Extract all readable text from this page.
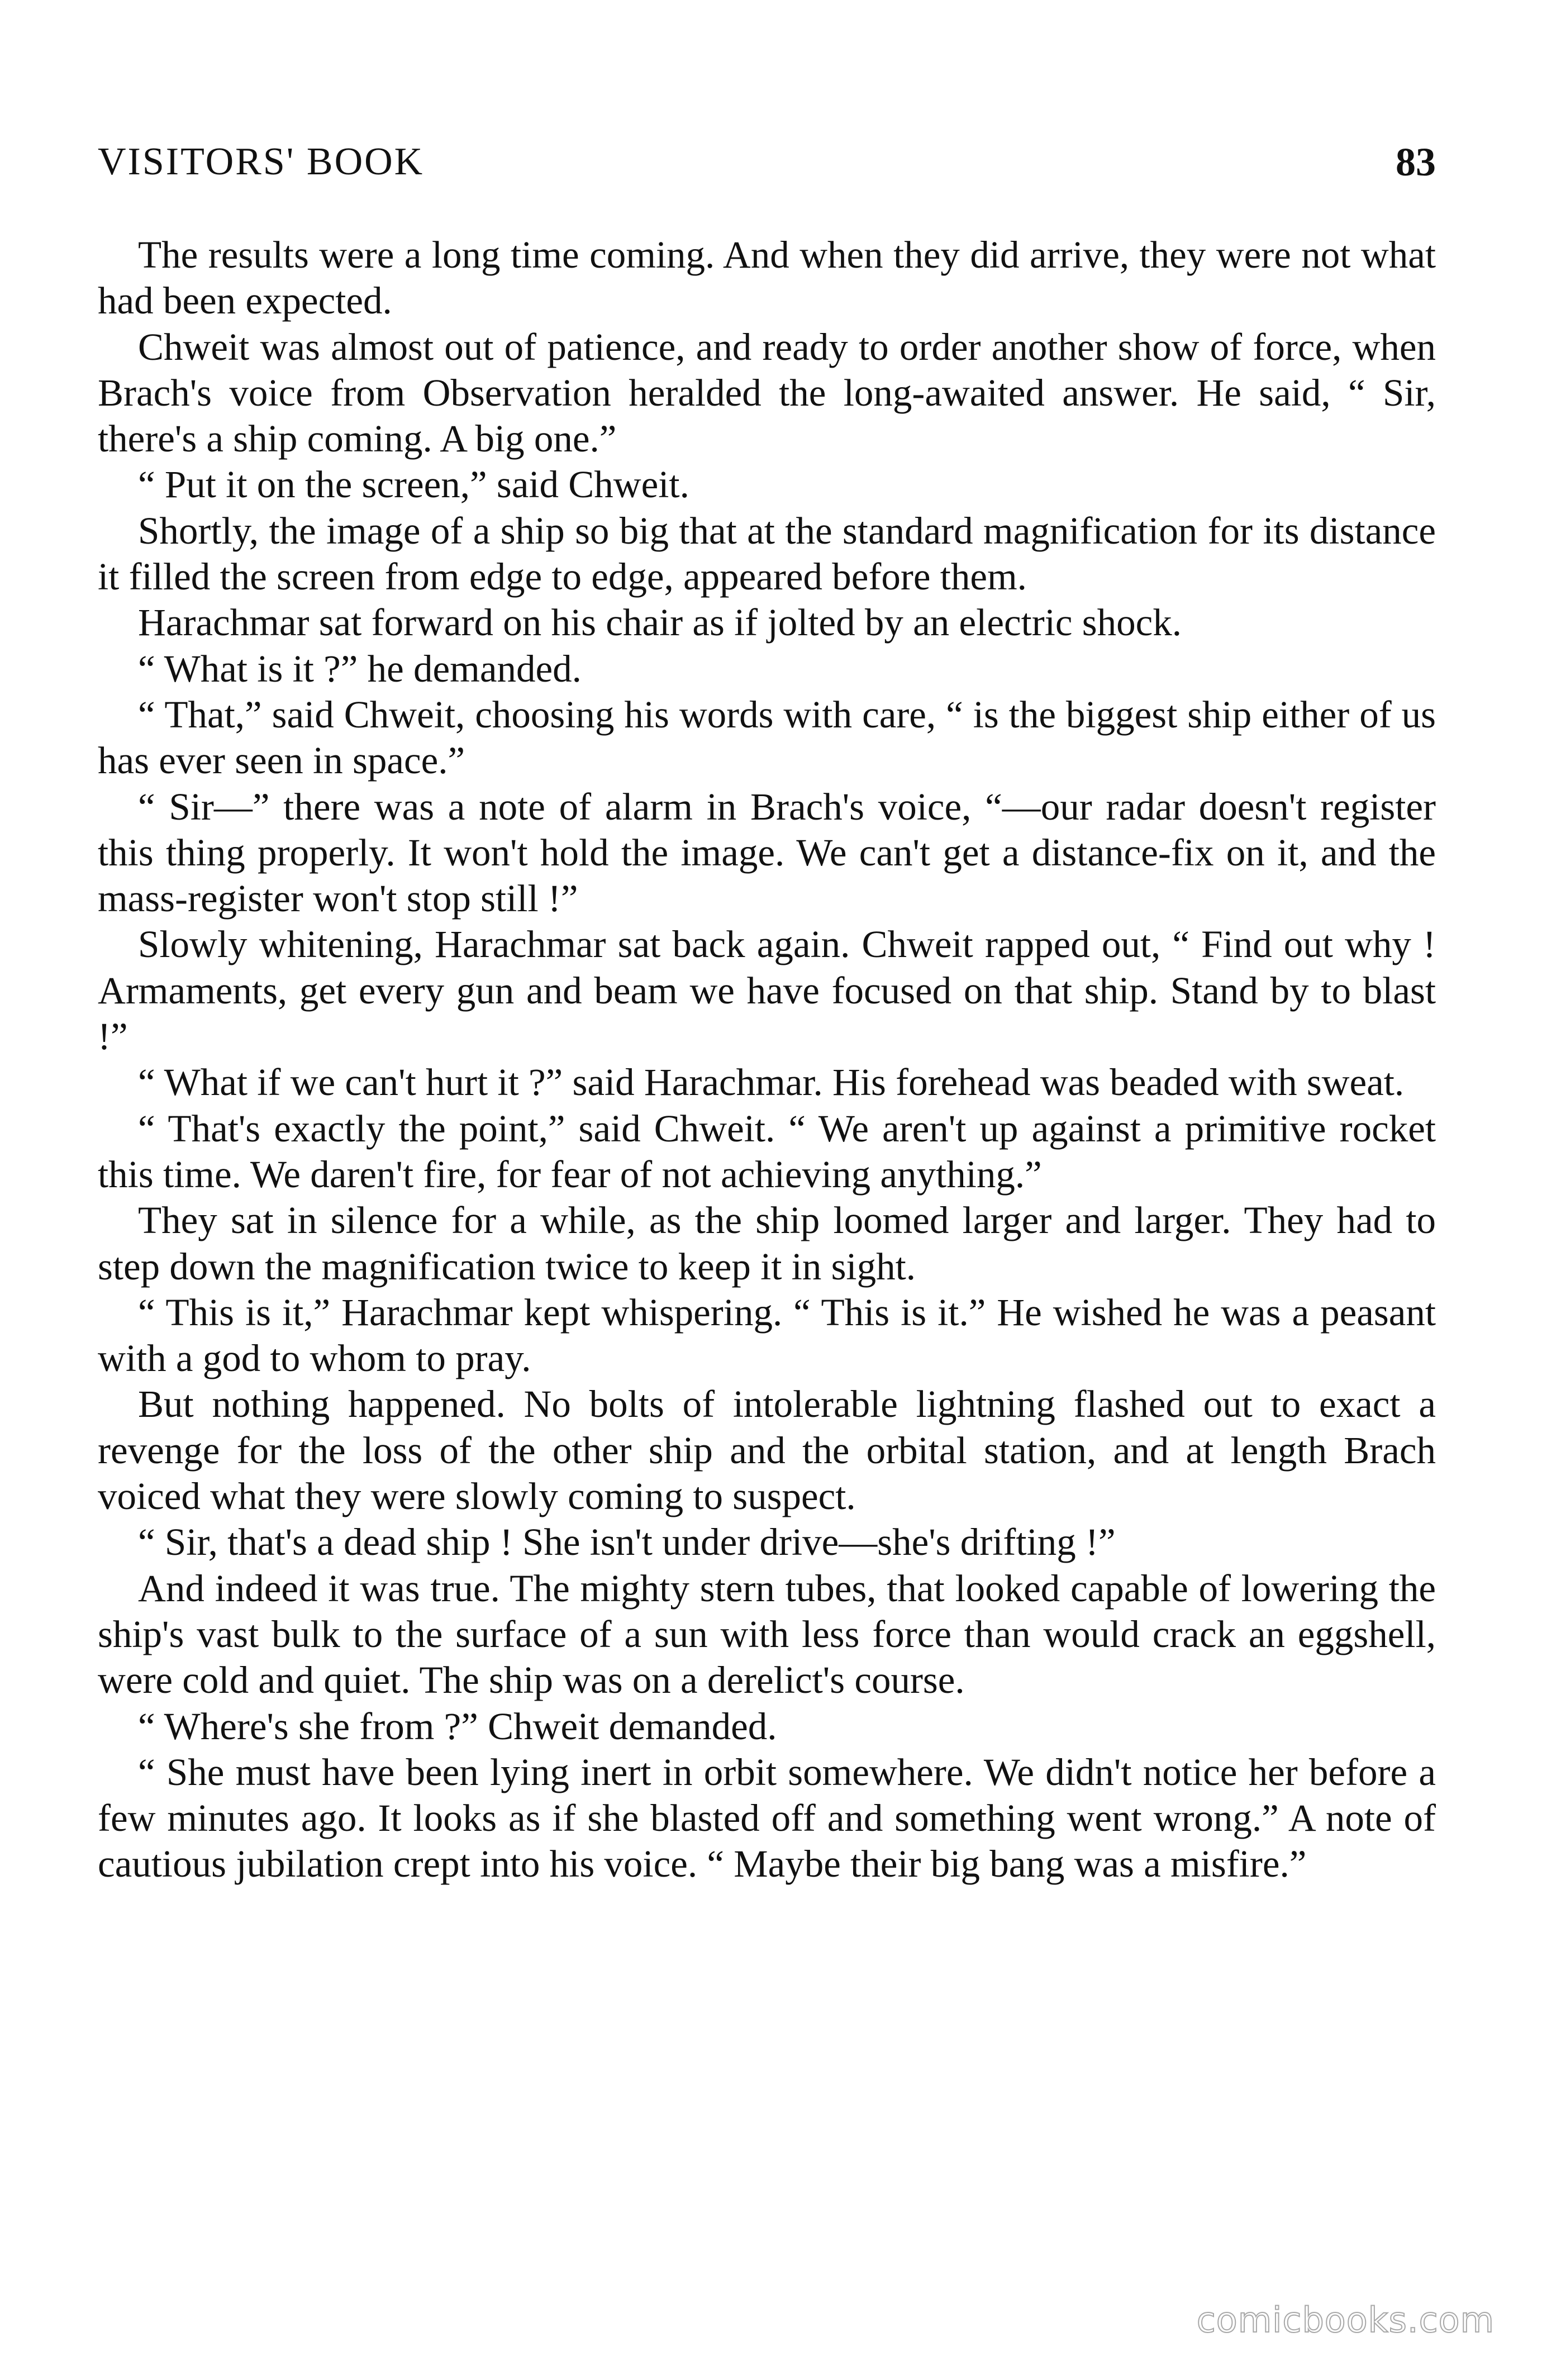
VISITORS' BOOK	83

The results were a long time coming. And when they did arrive, they were not what had been expected.

Chweit was almost out of patience, and ready to order another show of force, when Brach's voice from Observation heralded the long-awaited answer. He said, “ Sir, there's a ship coming. A big one.”

“ Put it on the screen,” said Chweit.

Shortly, the image of a ship so big that at the standard magnification for its distance it filled the screen from edge to edge, appeared before them.

Harachmar sat forward on his chair as if jolted by an electric shock.

“ What is it ?” he demanded.

“ That,” said Chweit, choosing his words with care, “ is the biggest ship either of us has ever seen in space.”

“ Sir—” there was a note of alarm in Brach's voice, “—our radar doesn't register this thing properly. It won't hold the image. We can't get a distance-fix on it, and the mass-register won't stop still !”

Slowly whitening, Harachmar sat back again. Chweit rapped out, “ Find out why ! Armaments, get every gun and beam we have focused on that ship. Stand by to blast !”

“ What if we can't hurt it ?” said Harachmar. His forehead was beaded with sweat.

“ That's exactly the point,” said Chweit. “ We aren't up against a primitive rocket this time. We daren't fire, for fear of not achieving anything.”

They sat in silence for a while, as the ship loomed larger and larger. They had to step down the magnification twice to keep it in sight.

“ This is it,” Harachmar kept whispering. “ This is it.” He wished he was a peasant with a god to whom to pray.

But nothing happened. No bolts of intolerable lightning flashed out to exact a revenge for the loss of the other ship and the orbital station, and at length Brach voiced what they were slowly coming to suspect.

“ Sir, that's a dead ship ! She isn't under drive—she's drifting !”

And indeed it was true. The mighty stern tubes, that looked capable of lowering the ship's vast bulk to the surface of a sun with less force than would crack an eggshell, were cold and quiet. The ship was on a derelict's course.

“ Where's she from ?” Chweit demanded.

“ She must have been lying inert in orbit somewhere. We didn't notice her before a few minutes ago. It looks as if she blasted off and something went wrong.” A note of cautious jubilation crept into his voice. “ Maybe their big bang was a misfire.”

comicbooks.com
